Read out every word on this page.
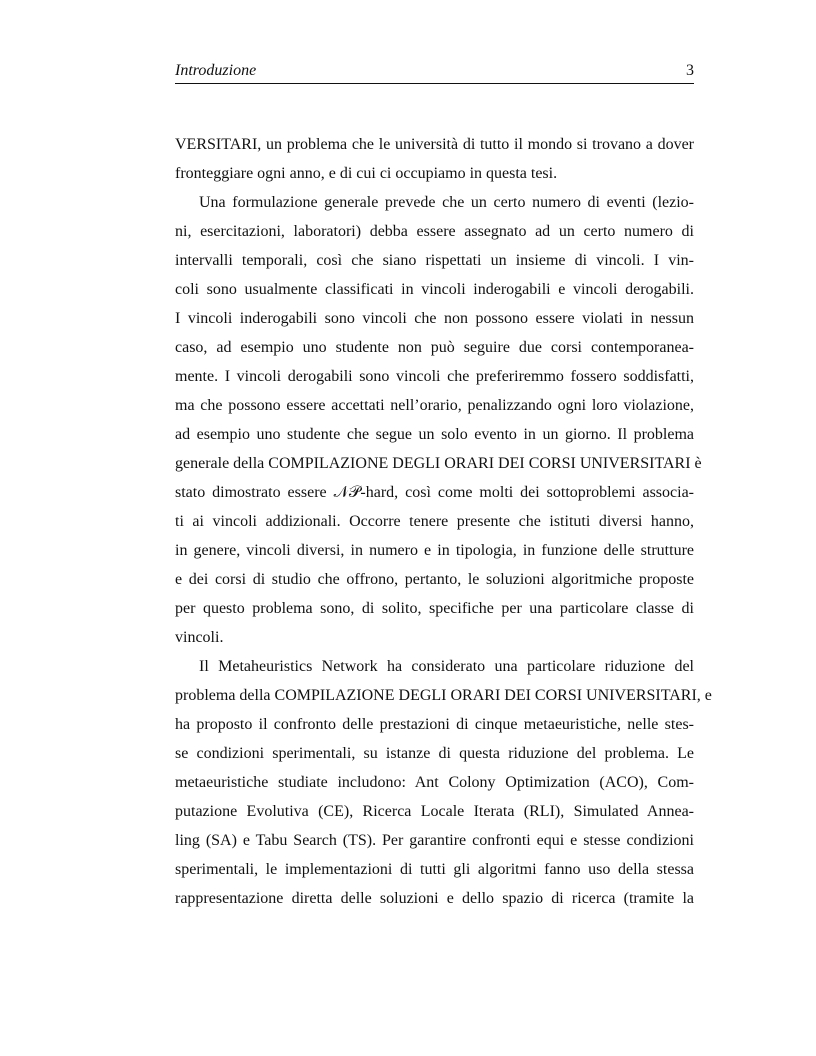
Introduzione	3
VERSITARI, un problema che le università di tutto il mondo si trovano a dover
fronteggiare ogni anno, e di cui ci occupiamo in questa tesi.
Una formulazione generale prevede che un certo numero di eventi (lezio-
ni, esercitazioni, laboratori) debba essere assegnato ad un certo numero di
intervalli temporali, così che siano rispettati un insieme di vincoli. I vin-
coli sono usualmente classificati in vincoli inderogabili e vincoli derogabili.
I vincoli inderogabili sono vincoli che non possono essere violati in nessun
caso, ad esempio uno studente non può seguire due corsi contemporanea-
mente. I vincoli derogabili sono vincoli che preferiremmo fossero soddisfatti,
ma che possono essere accettati nell’orario, penalizzando ogni loro violazione,
ad esempio uno studente che segue un solo evento in un giorno. Il problema
generale della COMPILAZIONE DEGLI ORARI DEI CORSI UNIVERSITARI è
stato dimostrato essere 𝒩𝒫-hard, così come molti dei sottoproblemi associa-
ti ai vincoli addizionali. Occorre tenere presente che istituti diversi hanno,
in genere, vincoli diversi, in numero e in tipologia, in funzione delle strutture
e dei corsi di studio che offrono, pertanto, le soluzioni algoritmiche proposte
per questo problema sono, di solito, specifiche per una particolare classe di
vincoli.
Il Metaheuristics Network ha considerato una particolare riduzione del
problema della COMPILAZIONE DEGLI ORARI DEI CORSI UNIVERSITARI, e
ha proposto il confronto delle prestazioni di cinque metaeuristiche, nelle stes-
se condizioni sperimentali, su istanze di questa riduzione del problema. Le
metaeuristiche studiate includono: Ant Colony Optimization (ACO), Com-
putazione Evolutiva (CE), Ricerca Locale Iterata (RLI), Simulated Annea-
ling (SA) e Tabu Search (TS). Per garantire confronti equi e stesse condizioni
sperimentali, le implementazioni di tutti gli algoritmi fanno uso della stessa
rappresentazione diretta delle soluzioni e dello spazio di ricerca (tramite la
